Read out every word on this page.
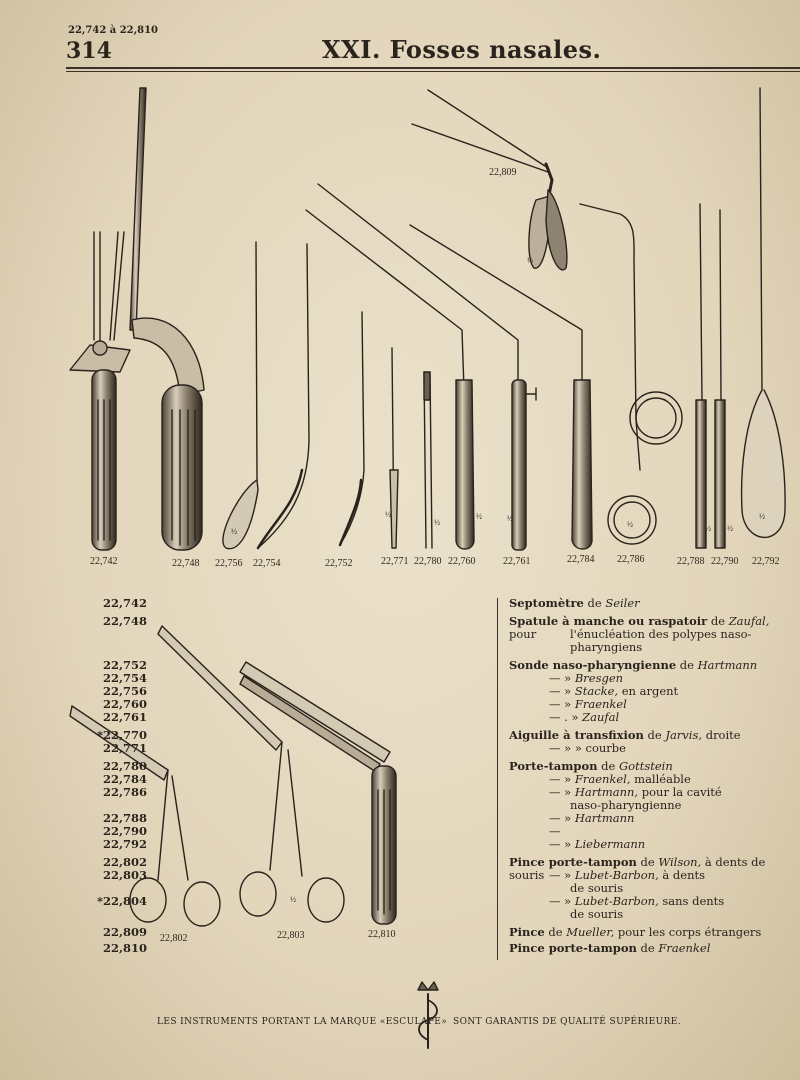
22,742 à 22,810
314	XXI. Fosses nasales.
22,742	22,748 22,756 22,754	22,752	22,771 22,780 22,760	22,761	22,784 22,786	22,788 22,790 22,792
22,809
22,802	22,803	22,810
½
½
½
½	½
½	½ ½
½
½
½
22,742	Septomètre de Seiler
22,748	Spatule à manche ou raspatoir de Zaufal, pour	l'énucléation des polypes naso-
pharyngiens
22,752	Sonde naso-pharyngienne de Hartmann
22,754	— » Bresgen
22,756	— » Stacke, en argent
22,760	— » Fraenkel
22,761	— . » Zaufal
*22,770	Aiguille à transfixion de Jarvis, droite
22,771	— » » courbe
22,780	Porte-tampon de Gottstein
22,784	— » Fraenkel, malléable
22,786	— » Hartmann, pour la cavité
naso-pharyngienne
22,788	— » Hartmann
22,790	—
22,792	— » Liebermann
22,802	Pince porte-tampon de Wilson, à dents de souris
22,803	— » Lubet-Barbon, à dents
de souris
*22,804	— » Lubet-Barbon, sans dents
de souris
22,809	Pince de Mueller, pour les corps étrangers
22,810	Pince porte-tampon de Fraenkel
LES INSTRUMENTS PORTANT LA MARQUE «ESCULAPE» SONT GARANTIS DE QUALITÉ SUPÉRIEURE.
